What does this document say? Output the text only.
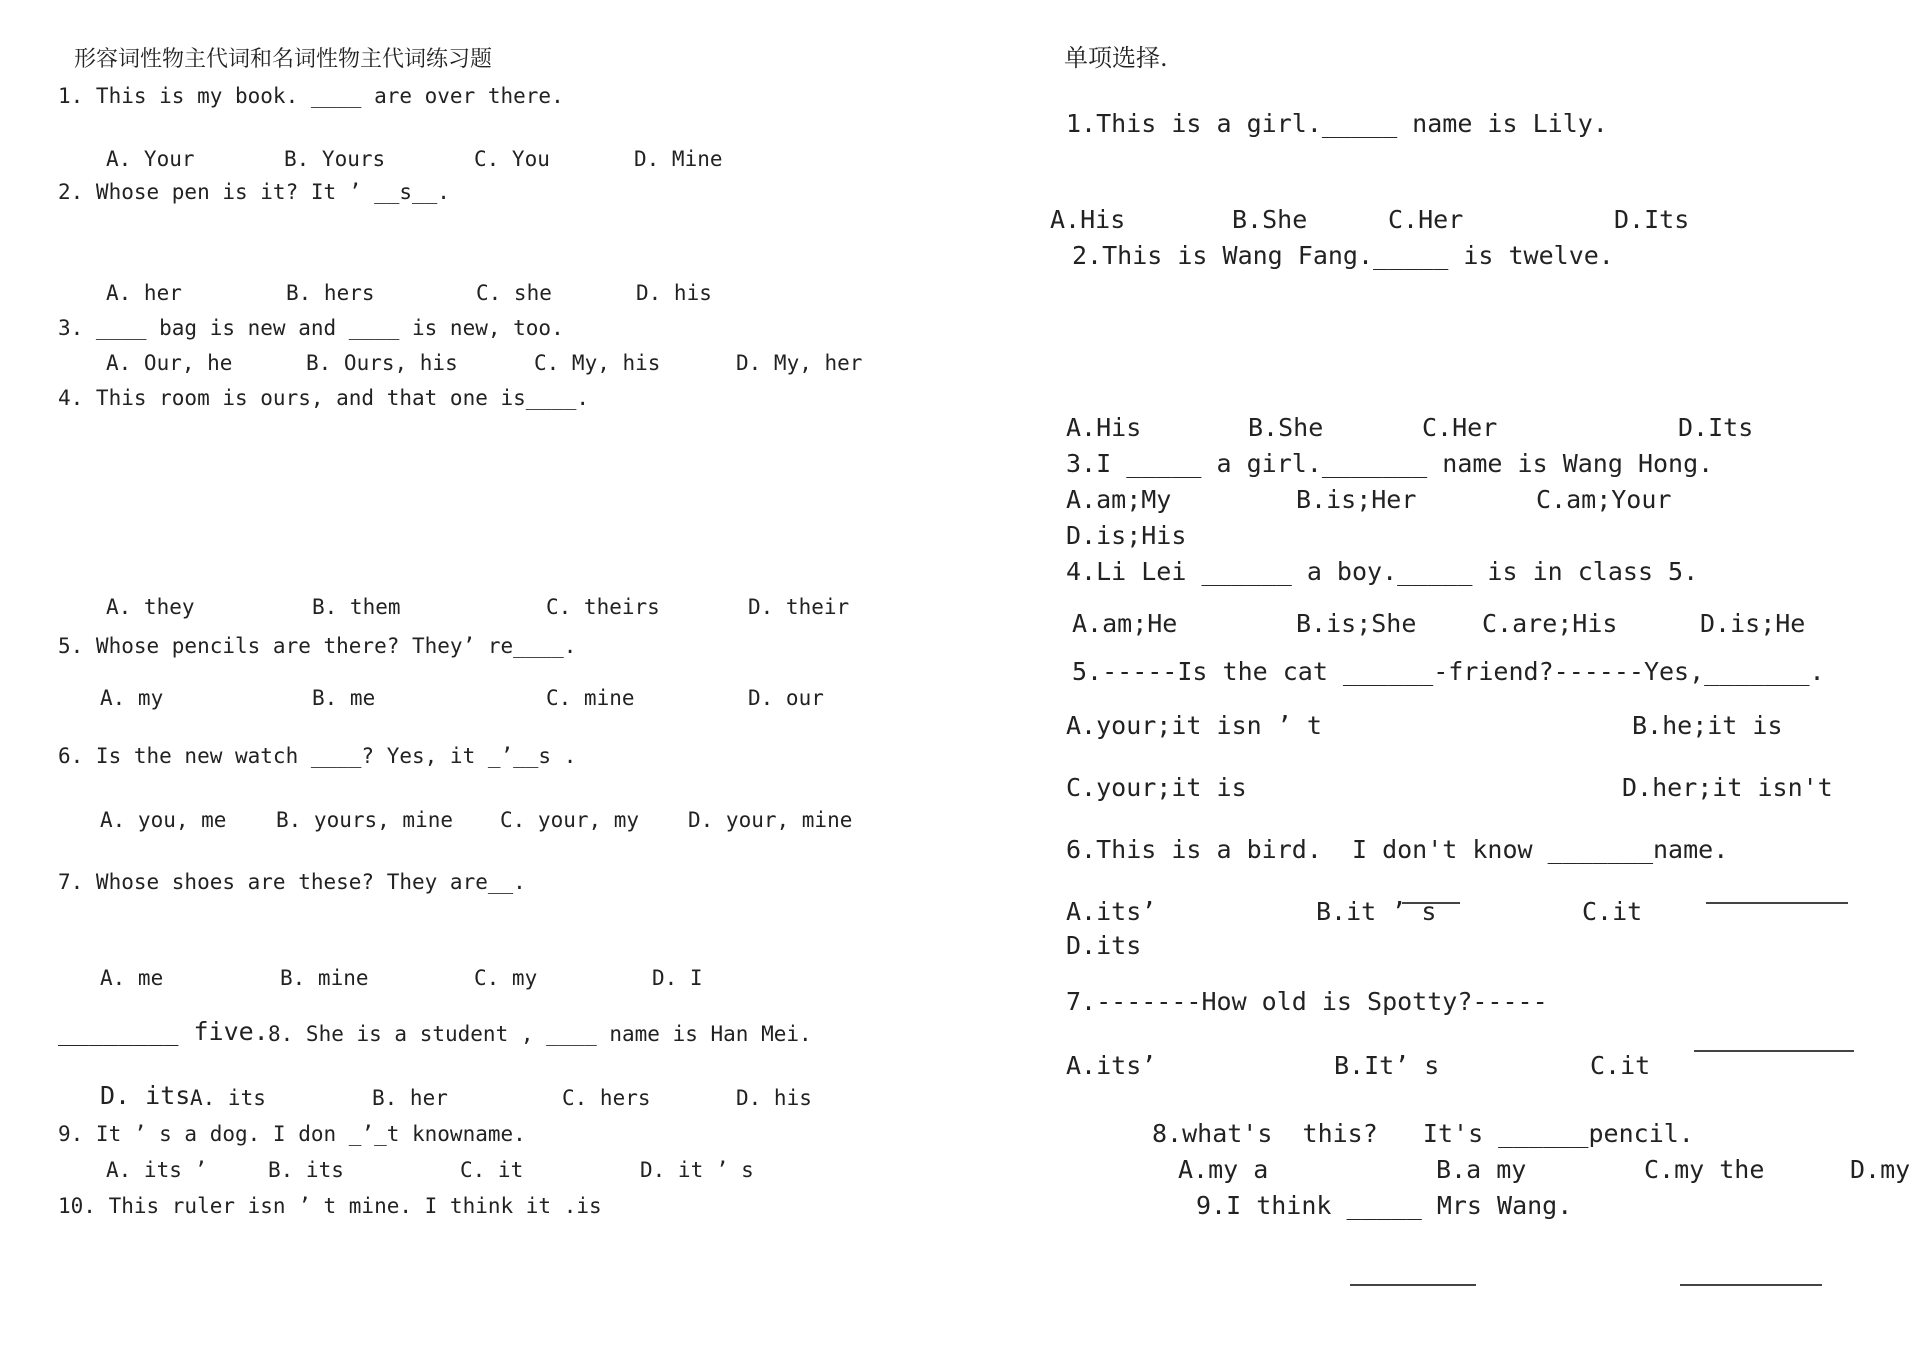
形容词性物主代词和名词性物主代词练习题
1. This is my book. ____ are over there.
A. Your	B. Yours	C. You	D. Mine
2. Whose pen is it? It ’ __s__.
A. her	B. hers	C. she	D. his
3. ____ bag is new and ____ is new, too.
A. Our, he	B. Ours, his	C. My, his	D. My, her
4. This room is ours, and that one is____.
A. they	B. them	C. theirs	D. their
5. Whose pencils are there? They’ re____.
A. my	B. me	C. mine	D. our
6. Is the new watch ____? Yes, it _’__s .
A. you, me B. yours, mine C. your, my D. your, mine
7. Whose shoes are these? They are__.
A. me	B. mine	C. my	D. I
________ five. 8. She is a student , ____ name is Han Mei.
D. its A. its	B. her	C. hers	D. his
9. It ’ s a dog. I don _’_t knowname.
A. its ’	B. its	C. it	D. it ’ s
10. This ruler isn ’ t mine. I think it .is
单项选择.
1.This is a girl._____ name is Lily.
A.His	B.She	C.Her	D.Its
2.This is Wang Fang._____ is twelve.
A.His	B.She	C.Her	D.Its
3.I _____ a girl._______ name is Wang Hong.
A.am;My	B.is;Her	C.am;Your
D.is;His
4.Li Lei ______ a boy._____ is in class 5.
A.am;He	B.is;She	C.are;His	D.is;He
5.-----Is the cat ______-friend?------Yes,_______.
A.your;it isn ’ t	B.he;it is
C.your;it is	D.her;it isn't
6.This is a bird.  I don't know _______name.
A.its’	B.it ’ s	C.it
D.its
7.-------How old is Spotty?-----
A.its’	B.It’ s	C.it
8.what's  this?   It's ______pencil.
A.my a	B.a my	C.my the	D.my
9.I think _____ Mrs Wang.
